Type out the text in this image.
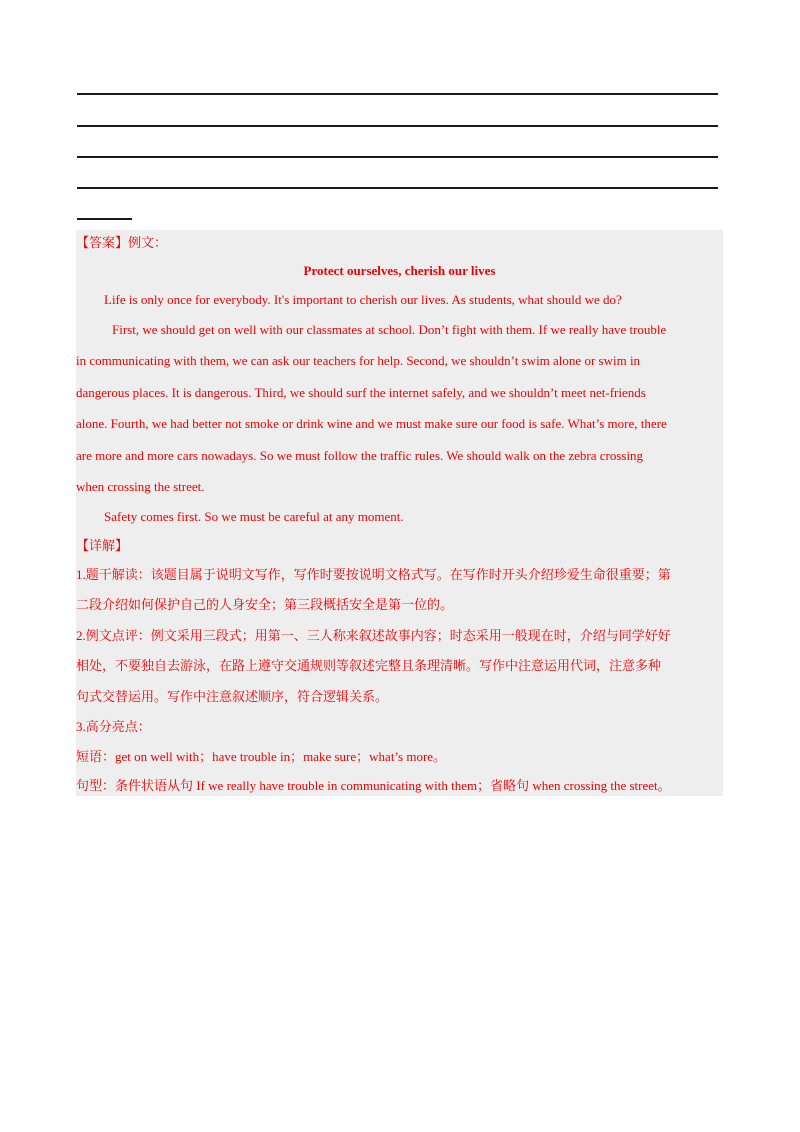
【答案】例文：
Protect ourselves, cherish our lives
Life is only once for everybody. It's important to cherish our lives. As students, what should we do?
First, we should get on well with our classmates at school. Don’t fight with them. If we really have trouble
in communicating with them, we can ask our teachers for help. Second, we shouldn’t swim alone or swim in
dangerous places. It is dangerous. Third, we should surf the internet safely, and we shouldn’t meet net-friends
alone. Fourth, we had better not smoke or drink wine and we must make sure our food is safe. What’s more, there
are more and more cars nowadays. So we must follow the traffic rules. We should walk on the zebra crossing
when crossing the street.
Safety comes first. So we must be careful at any moment.
【详解】
1.题干解读：该题目属于说明文写作，写作时要按说明文格式写。在写作时开头介绍珍爱生命很重要；第
二段介绍如何保护自己的人身安全；第三段概括安全是第一位的。
2.例文点评：例文采用三段式；用第一、三人称来叙述故事内容；时态采用一般现在时，介绍与同学好好
相处，不要独自去游泳，在路上遵守交通规则等叙述完整且条理清晰。写作中注意运用代词，注意多种
句式交替运用。写作中注意叙述顺序，符合逻辑关系。
3.高分亮点：
短语：get on well with；have trouble in；make sure；what’s more。
句型：条件状语从句 If we really have trouble in communicating with them；省略句 when crossing the street。
